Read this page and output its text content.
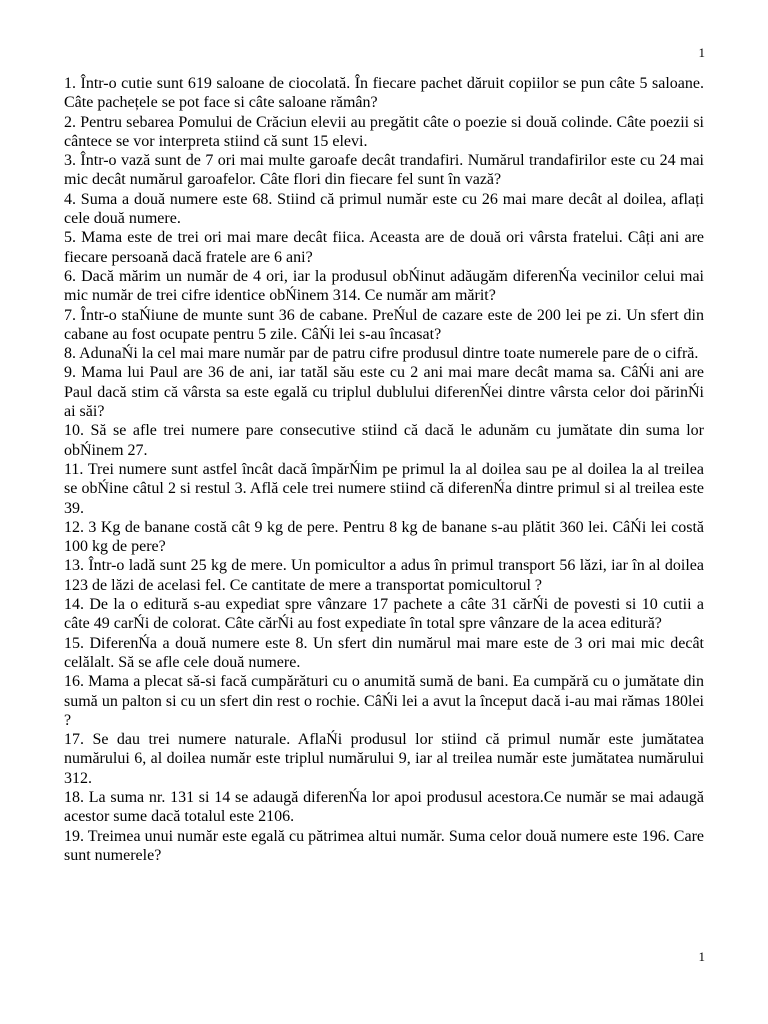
1

1. Într-o cutie sunt 619 saloane de ciocolată. În fiecare pachet dăruit copiilor se pun câte 5 saloane. Câte pachețele se pot face si câte saloane rămân?

2. Pentru sebarea Pomului de Crăciun elevii au pregătit câte o poezie si două colinde. Câte poezii si cântece se vor interpreta stiind că sunt 15 elevi.

3. Într-o vază sunt de 7 ori mai multe garoafe decât trandafiri. Numărul trandafirilor este cu 24 mai mic decât numărul garoafelor. Câte flori din fiecare fel sunt în vază?

4. Suma a două numere este 68. Stiind că primul număr este cu 26 mai mare decât al doilea, aflați cele două numere.

5. Mama este de trei ori mai mare decât fiica. Aceasta are de două ori vârsta fratelui. Câți ani are fiecare persoană dacă fratele are 6 ani?

6. Dacă mărim un număr de 4 ori, iar la produsul obŃinut adăugăm diferenŃa vecinilor celui mai mic număr de trei cifre identice obŃinem 314. Ce număr am mărit?

7. Într-o staŃiune de munte sunt 36 de cabane. PreŃul de cazare este de 200 lei pe zi. Un sfert din cabane au fost ocupate pentru 5 zile. CâŃi lei s-au încasat?

8. AdunaŃi la cel mai mare număr par de patru cifre produsul dintre toate numerele pare de o cifră.

9. Mama lui Paul are 36 de ani, iar tatăl său este cu 2 ani mai mare decât mama sa. CâŃi ani are Paul dacă stim că vârsta sa este egală cu triplul dublului diferenŃei dintre vârsta celor doi părinŃi ai săi?

10. Să se afle trei numere pare consecutive stiind că dacă le adunăm cu jumătate din suma lor obŃinem 27.

11. Trei numere sunt astfel încât dacă împărŃim pe primul la al doilea sau pe al doilea la al treilea se obŃine câtul 2 si restul 3. Află cele trei numere stiind că diferenŃa dintre primul si al treilea este 39.

12. 3 Kg de banane costă cât 9 kg de pere. Pentru 8 kg de banane s-au plătit 360 lei. CâŃi lei costă 100 kg de pere?

13. Într-o ladă sunt 25 kg de mere. Un pomicultor a adus în primul transport 56 lăzi, iar în al doilea 123 de lăzi de acelasi fel. Ce cantitate de mere a transportat pomicultorul ?

14. De la o editură s-au expediat spre vânzare 17 pachete a câte 31 cărŃi de povesti si 10 cutii a câte 49 carŃi de colorat. Câte cărŃi au fost expediate în total spre vânzare de la acea editură?

15. DiferenŃa a două numere este 8. Un sfert din numărul mai mare este de 3 ori mai mic decât celălalt. Să se afle cele două numere.

16. Mama a plecat să-si facă cumpărături cu o anumită sumă de bani. Ea cumpără cu o jumătate din sumă un palton si cu un sfert din rest o rochie. CâŃi lei a avut la început dacă i-au mai rămas 180lei ?

17. Se dau trei numere naturale. AflaŃi produsul lor stiind că primul număr este jumătatea numărului 6, al doilea număr este triplul numărului 9, iar al treilea număr este jumătatea numărului 312.

18. La suma nr. 131 si 14 se adaugă diferenŃa lor apoi produsul acestora.Ce număr se mai adaugă acestor sume dacă totalul este 2106.

19. Treimea unui număr este egală cu pătrimea altui număr. Suma celor două numere este 196. Care sunt numerele?

1
